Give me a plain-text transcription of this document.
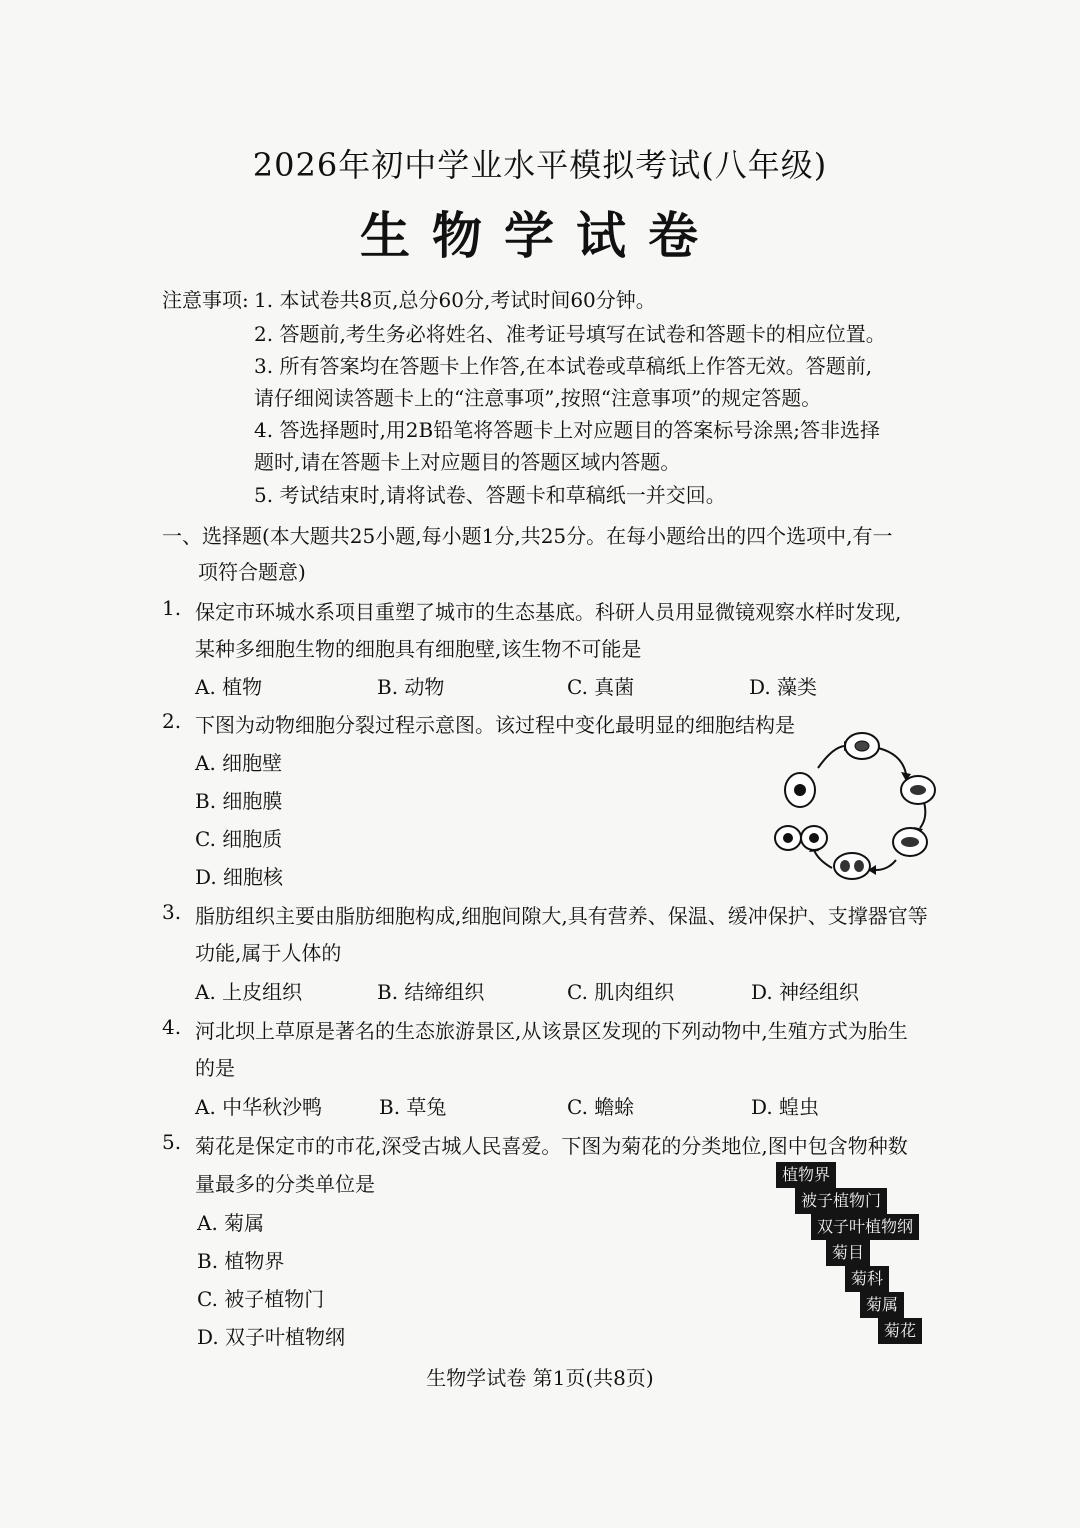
2026年初中学业水平模拟考试(八年级)
生物学试卷
注意事项: 1. 本试卷共8页,总分60分,考试时间60分钟。
2. 答题前,考生务必将姓名、准考证号填写在试卷和答题卡的相应位置。
3. 所有答案均在答题卡上作答,在本试卷或草稿纸上作答无效。答题前,
请仔细阅读答题卡上的“注意事项”,按照“注意事项”的规定答题。
4. 答选择题时,用2B铅笔将答题卡上对应题目的答案标号涂黑;答非选择
题时,请在答题卡上对应题目的答题区域内答题。
5. 考试结束时,请将试卷、答题卡和草稿纸一并交回。
一、选择题(本大题共25小题,每小题1分,共25分。在每小题给出的四个选项中,有一
项符合题意)
1. 保定市环城水系项目重塑了城市的生态基底。科研人员用显微镜观察水样时发现,
某种多细胞生物的细胞具有细胞壁,该生物不可能是
A. 植物	B. 动物	C. 真菌	D. 藻类
2. 下图为动物细胞分裂过程示意图。该过程中变化最明显的细胞结构是
A. 细胞壁
B. 细胞膜
C. 细胞质
D. 细胞核
3. 脂肪组织主要由脂肪细胞构成,细胞间隙大,具有营养、保温、缓冲保护、支撑器官等
功能,属于人体的
A. 上皮组织	B. 结缔组织	C. 肌肉组织	D. 神经组织
4. 河北坝上草原是著名的生态旅游景区,从该景区发现的下列动物中,生殖方式为胎生
的是
A. 中华秋沙鸭	B. 草兔	C. 蟾蜍	D. 蝗虫
5. 菊花是保定市的市花,深受古城人民喜爱。下图为菊花的分类地位,图中包含物种数
量最多的分类单位是
A. 菊属
B. 植物界
C. 被子植物门
D. 双子叶植物纲
植物界
被子植物门
双子叶植物纲
菊目
菊科
菊属
菊花
生物学试卷 第1页(共8页)
